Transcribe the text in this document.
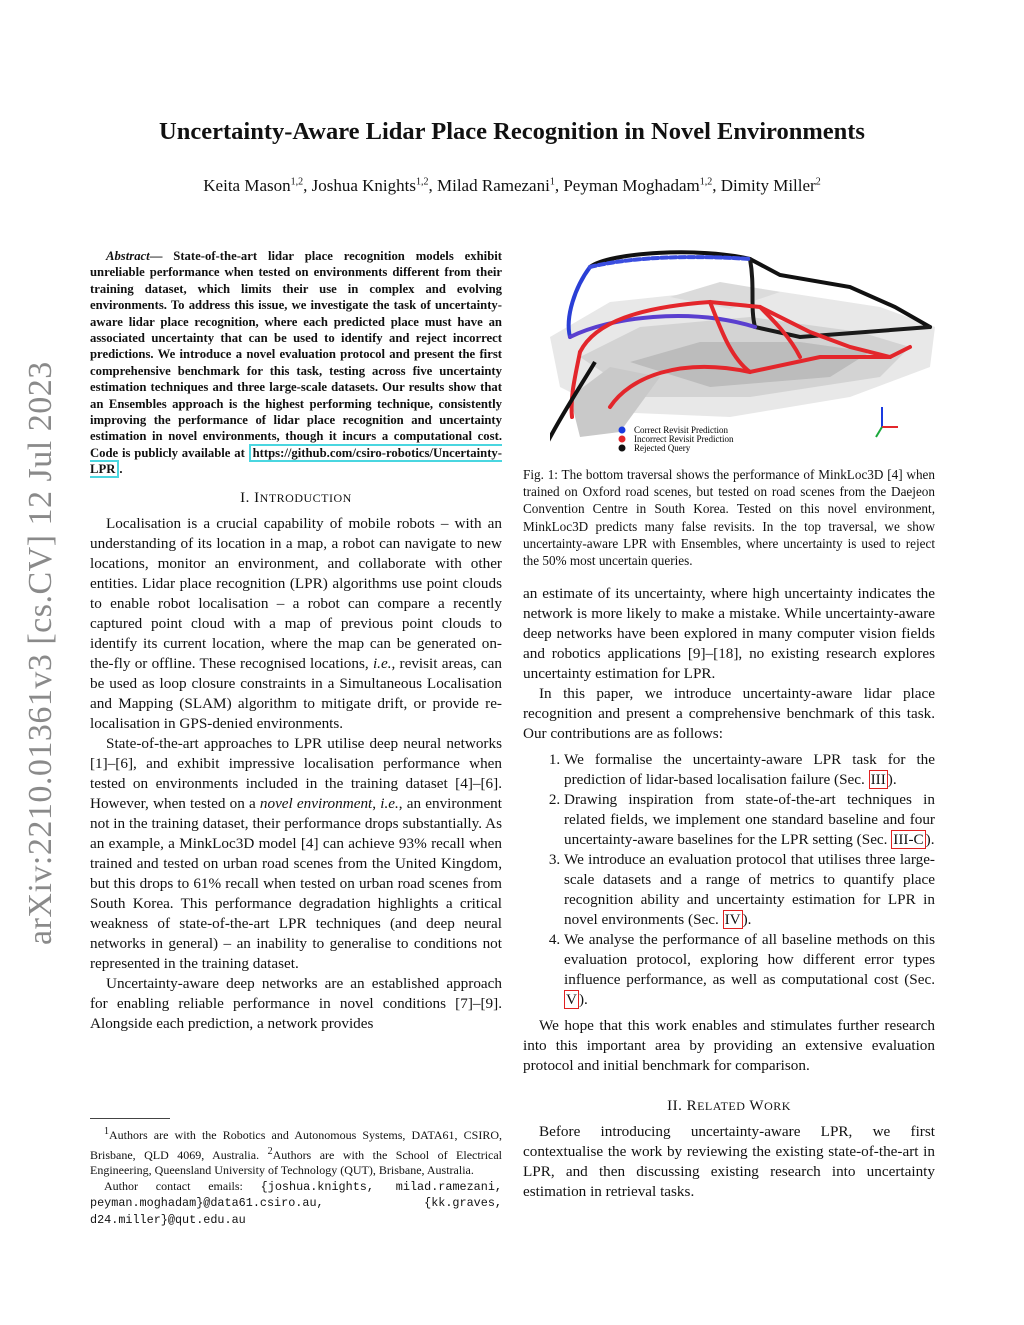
Uncertainty-Aware Lidar Place Recognition in Novel Environments
Keita Mason$^{1,2}$, Joshua Knights$^{1,2}$, Milad Ramezani$^1$, Peyman Moghadam$^{1,2}$, Dimity Miller$^2$
arXiv:2210.01361v3 [cs.CV] 12 Jul 2023

Abstract— State-of-the-art lidar place recognition models exhibit unreliable performance when tested on environments different from their training dataset, which limits their use in complex and evolving environments. To address this issue, we investigate the task of uncertainty-aware lidar place recognition, where each predicted place must have an associated uncertainty that can be used to identify and reject incorrect predictions. We introduce a novel evaluation protocol and present the first comprehensive benchmark for this task, testing across five uncertainty estimation techniques and three large-scale datasets. Our results show that an Ensembles approach is the highest performing technique, consistently improving the performance of lidar place recognition and uncertainty estimation in novel environments, though it incurs a computational cost. Code is publicly available at https://github.com/csiro-robotics/Uncertainty-LPR .

I. INTRODUCTION

Localisation is a crucial capability of mobile robots – with an understanding of its location in a map, a robot can navigate to new locations, monitor an environment, and collaborate with other entities. Lidar place recognition (LPR) algorithms use point clouds to enable robot localisation – a robot can compare a recently captured point cloud with a map of previous point clouds to identify its current location, where the map can be generated on-the-fly or offline. These recognised locations, i.e., revisit areas, can be used as loop closure constraints in a Simultaneous Localisation and Mapping (SLAM) algorithm to mitigate drift, or provide re-localisation in GPS-denied environments.

State-of-the-art approaches to LPR utilise deep neural networks [1]–[6], and exhibit impressive localisation performance when tested on environments included in the training dataset [4]–[6]. However, when tested on a novel environment, i.e., an environment not in the training dataset, their performance drops substantially. As an example, a MinkLoc3D model [4] can achieve 93% recall when trained and tested on urban road scenes from the United Kingdom, but this drops to 61% recall when tested on urban road scenes from South Korea. This performance degradation highlights a critical weakness of state-of-the-art LPR techniques (and deep neural networks in general) – an inability to generalise to conditions not represented in the training dataset.

Uncertainty-aware deep networks are an established approach for enabling reliable performance in novel conditions [7]–[9]. Alongside each prediction, a network provides

$^1$Authors are with the Robotics and Autonomous Systems, DATA61, CSIRO, Brisbane, QLD 4069, Australia. $^2$Authors are with the School of Electrical Engineering, Queensland University of Technology (QUT), Brisbane, Australia.
Author contact emails: {joshua.knights, milad.ramezani, peyman.moghadam}@data61.csiro.au, {kk.graves, d24.miller}@qut.edu.au
Correct Revisit Prediction
Incorrect Revisit Prediction
Rejected Query
Fig. 1: The bottom traversal shows the performance of MinkLoc3D [4] when trained on Oxford road scenes, but tested on road scenes from the Daejeon Convention Centre in South Korea. Tested on this novel environment, MinkLoc3D predicts many false revisits. In the top traversal, we show uncertainty-aware LPR with Ensembles, where uncertainty is used to reject the 50% most uncertain queries.

an estimate of its uncertainty, where high uncertainty indicates the network is more likely to make a mistake. While uncertainty-aware deep networks have been explored in many computer vision fields and robotics applications [9]–[18], no existing research explores uncertainty estimation for LPR.

In this paper, we introduce uncertainty-aware lidar place recognition and present a comprehensive benchmark of this task. Our contributions are as follows:

1. We formalise the uncertainty-aware LPR task for the prediction of lidar-based localisation failure (Sec. III ).
2. Drawing inspiration from state-of-the-art techniques in related fields, we implement one standard baseline and four uncertainty-aware baselines for the LPR setting (Sec. III-C ).
3. We introduce an evaluation protocol that utilises three large-scale datasets and a range of metrics to quantify place recognition ability and uncertainty estimation for LPR in novel environments (Sec. IV ).
4. We analyse the performance of all baseline methods on this evaluation protocol, exploring how different error types influence performance, as well as computational cost (Sec. V ).

We hope that this work enables and stimulates further research into this important area by providing an extensive evaluation protocol and initial benchmark for comparison.

II. RELATED WORK

Before introducing uncertainty-aware LPR, we first contextualise the work by reviewing the existing state-of-the-art in LPR, and then discussing existing research into uncertainty estimation in retrieval tasks.
